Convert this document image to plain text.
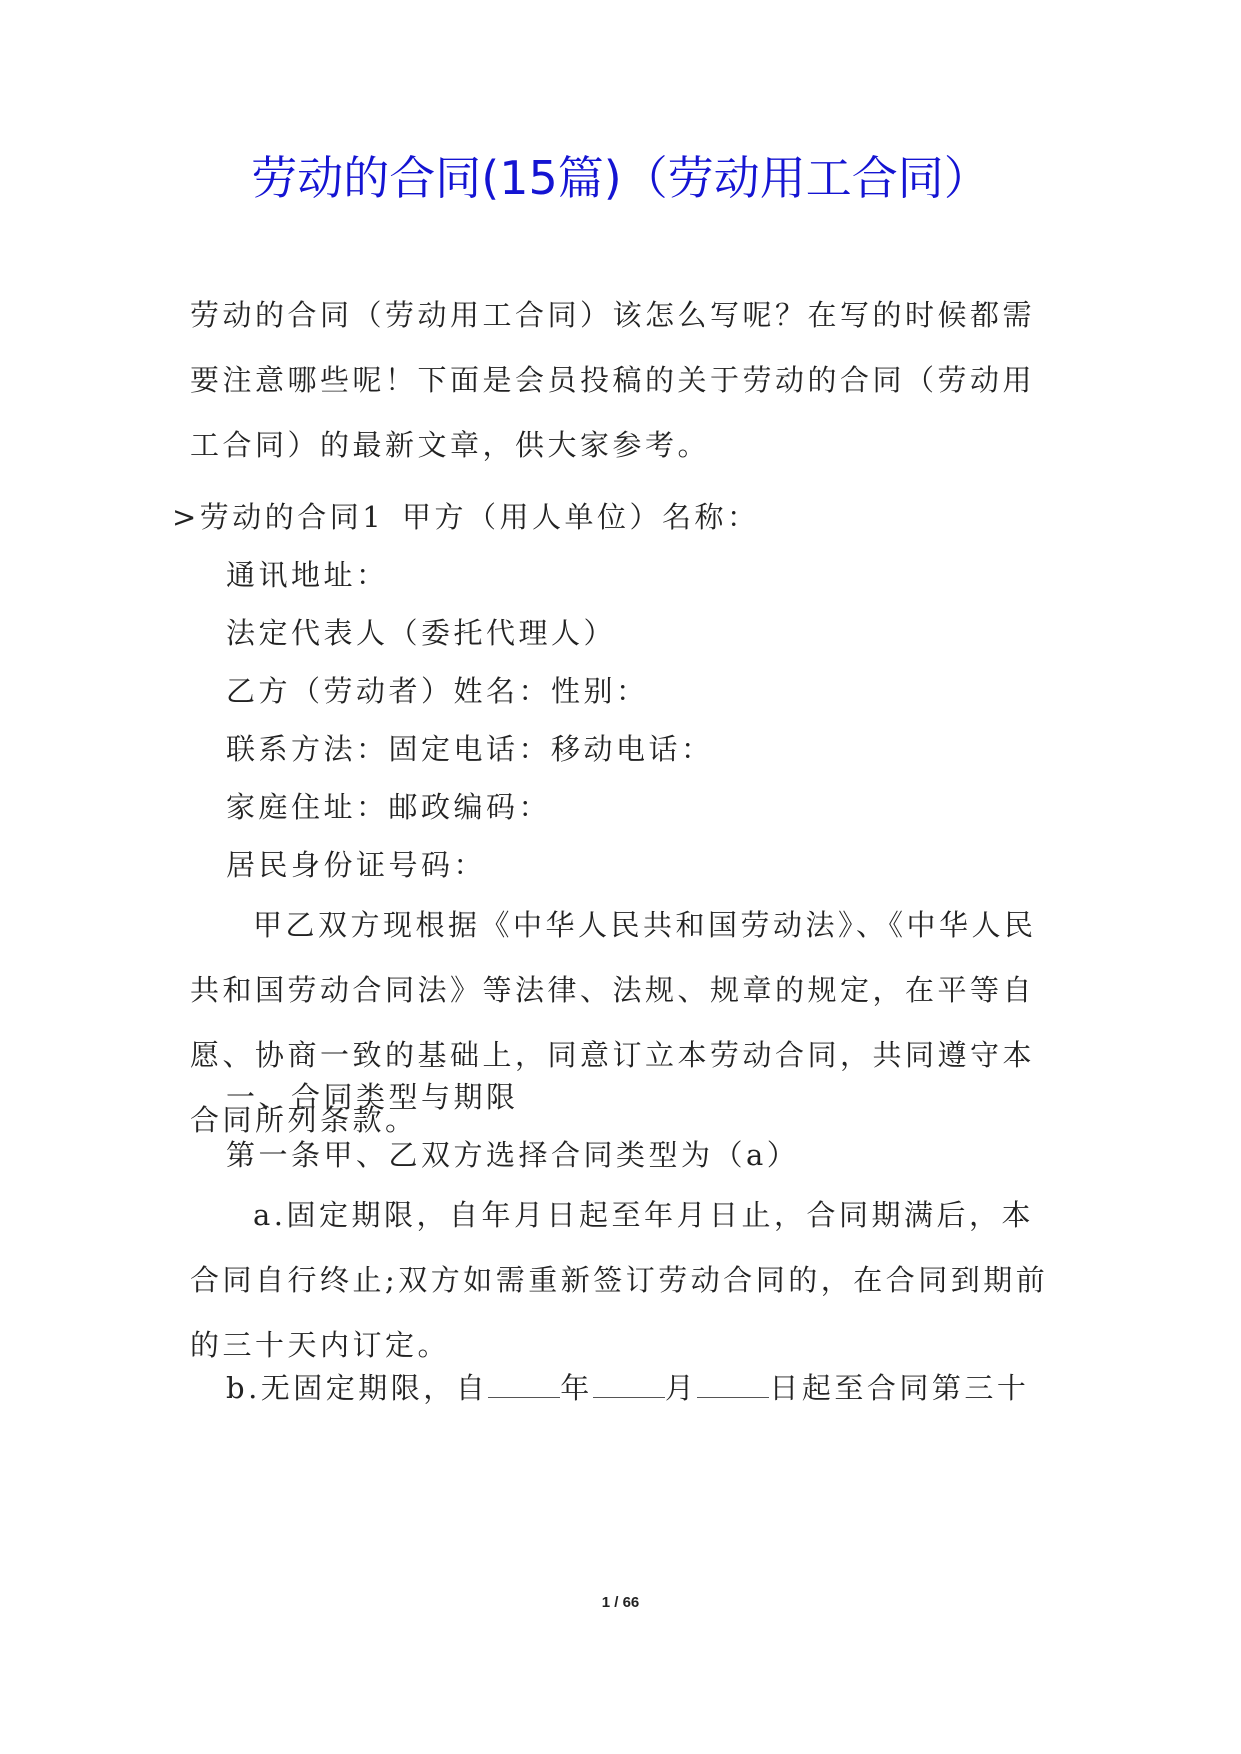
劳动的合同(15篇)（劳动用工合同）

劳动的合同（劳动用工合同）该怎么写呢？在写的时候都需要注意哪些呢！下面是会员投稿的关于劳动的合同（劳动用工合同）的最新文章，供大家参考。

>劳动的合同1 甲方（用人单位）名称：
通讯地址：
法定代表人（委托代理人）
乙方（劳动者）姓名：性别：
联系方法：固定电话：移动电话：
家庭住址：邮政编码：
居民身份证号码：

甲乙双方现根据《中华人民共和国劳动法》、《中华人民共和国劳动合同法》等法律、法规、规章的规定，在平等自愿、协商一致的基础上，同意订立本劳动合同，共同遵守本合同所列条款。

一、合同类型与期限
第一条甲、乙双方选择合同类型为（a）

a.固定期限，自年月日起至年月日止，合同期满后，本合同自行终止;双方如需重新签订劳动合同的，在合同到期前的三十天内订定。

b.无固定期限，自 年 月 日起至合同第三十
1 / 66
